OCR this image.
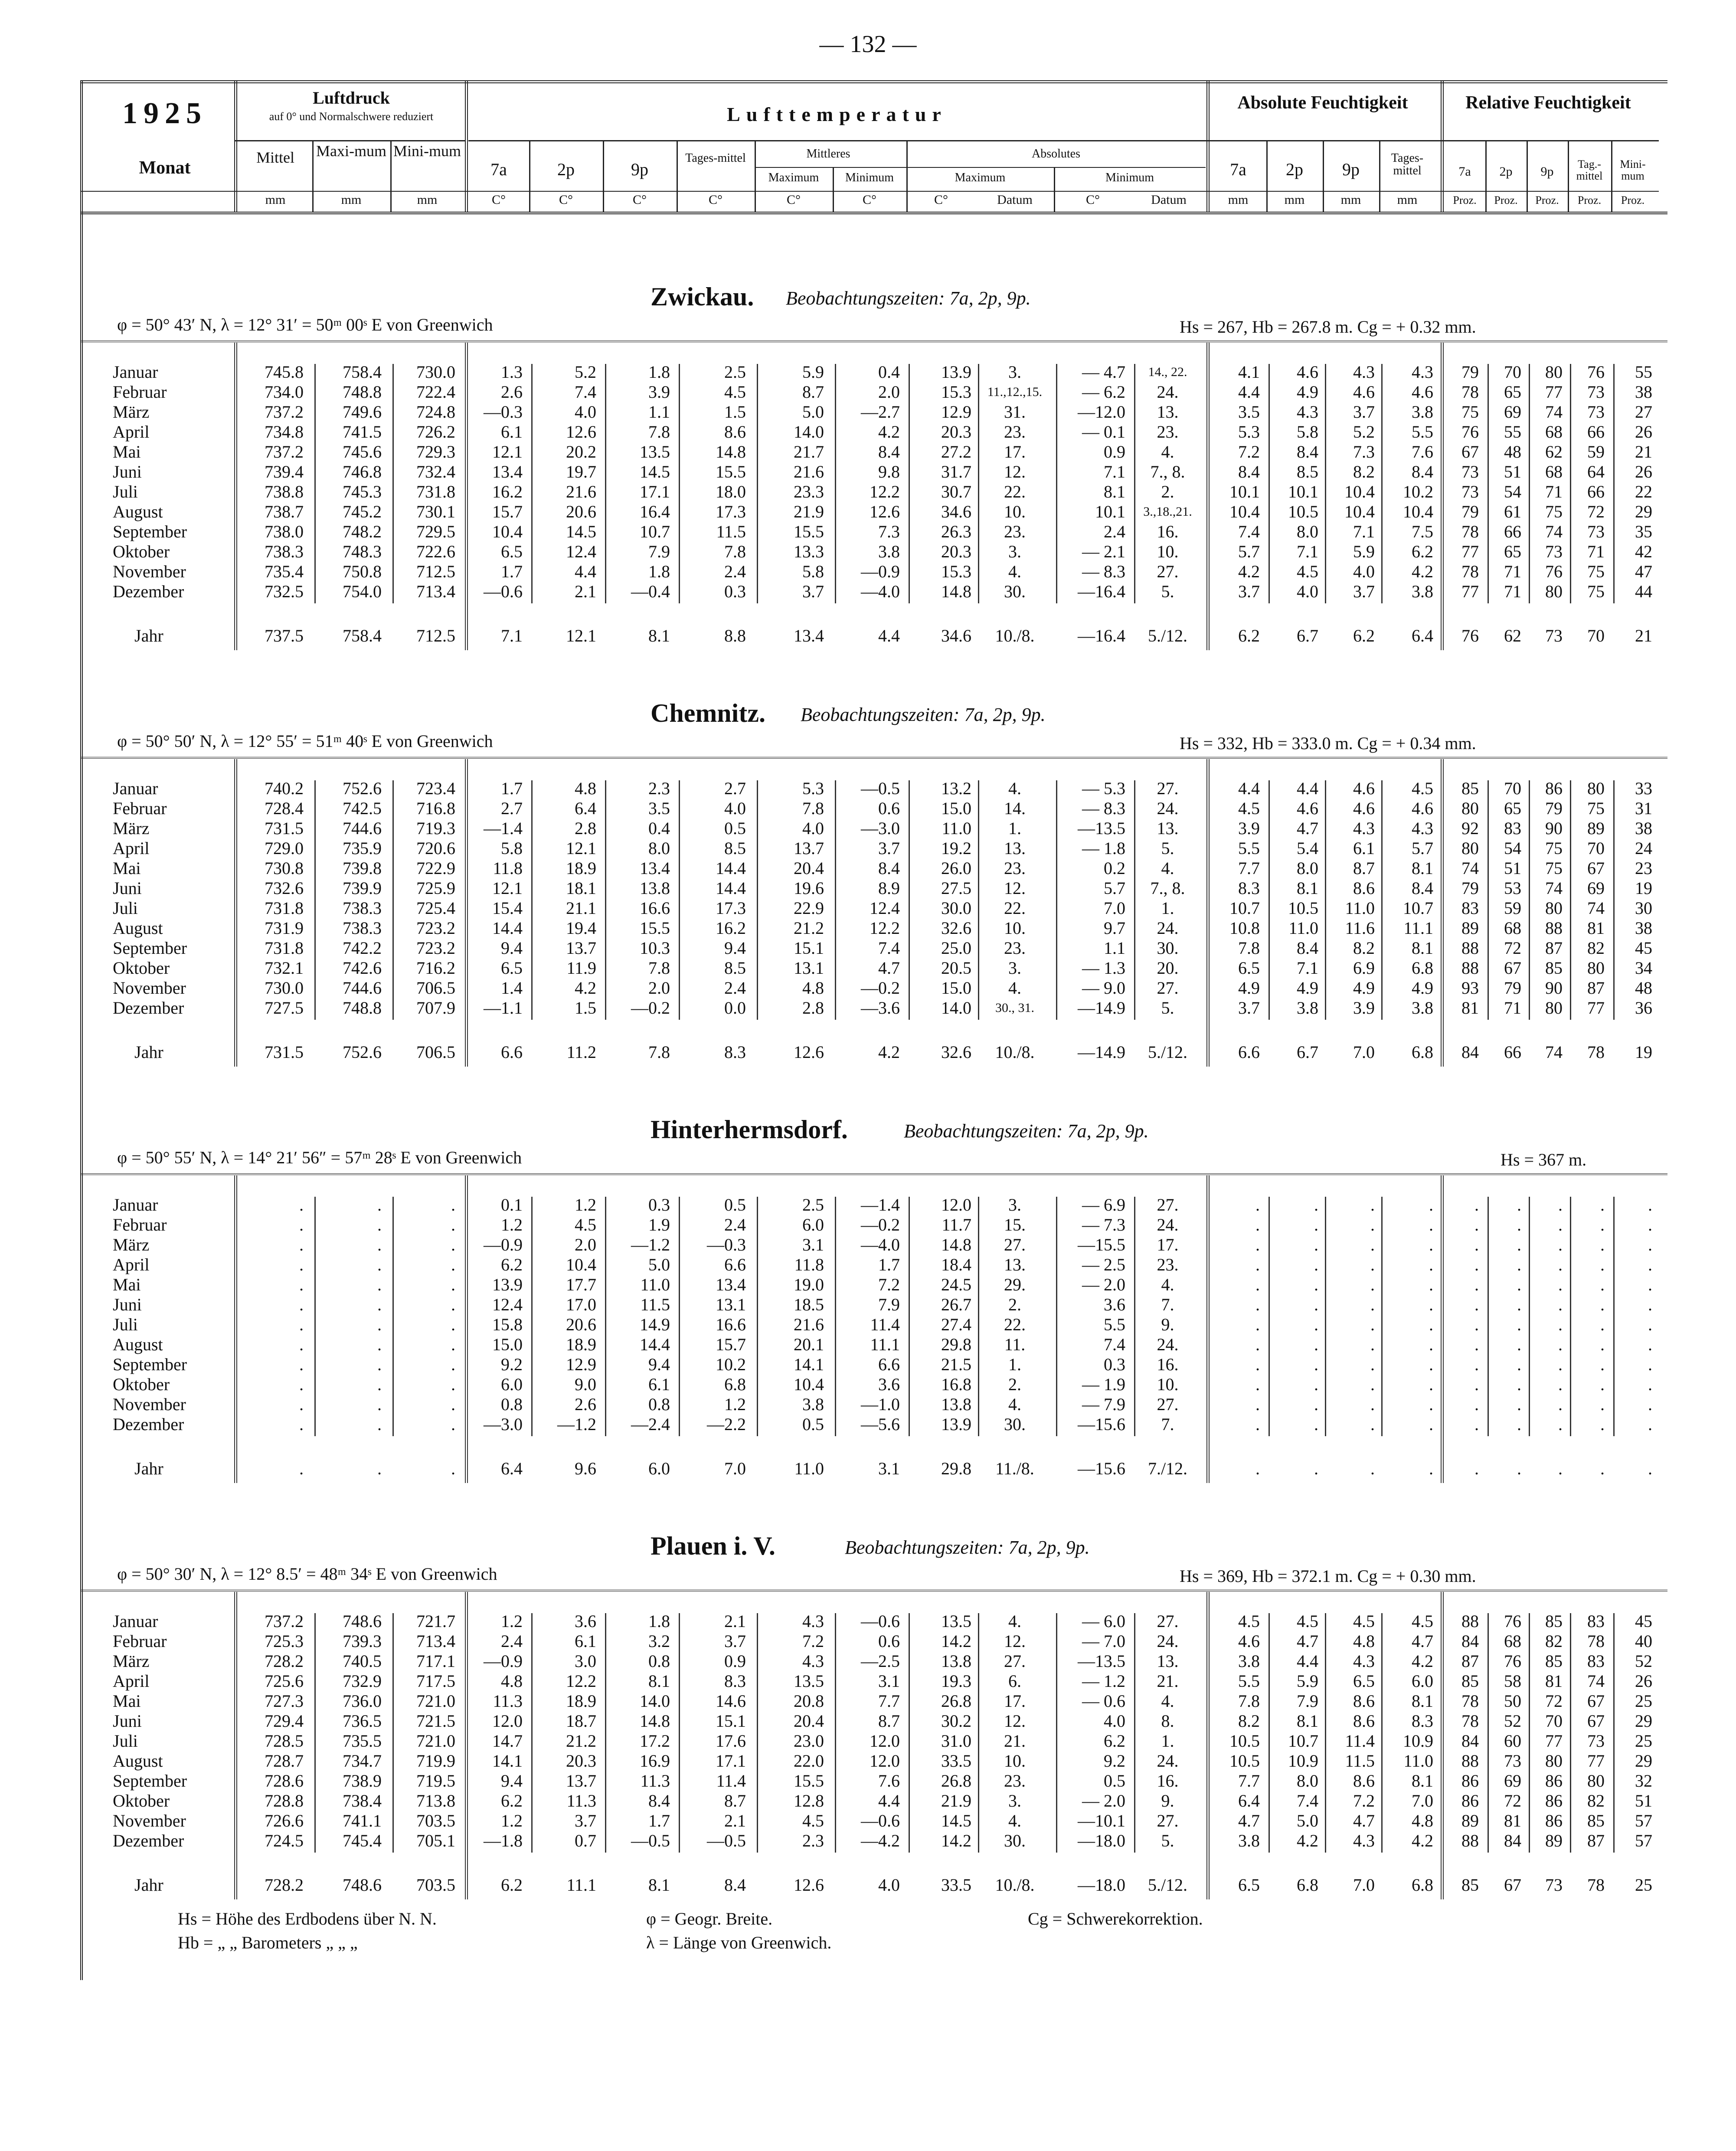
— 132 —
1925
Monat
Luftdruck
auf 0° und Normalschwere reduziert
Mittel	Maxi-mum Mini-mum
mm	mm	mm
Lufttemperatur
7a	2p	9p
Tages-mittel	Mittleres
Maximum	Minimum
Absolutes
Maximum	Minimum
C°	C°	C°	C°	C°	C°	C°	Datum	C°	Datum
Absolute Feuchtigkeit
7a	2p	9p
Tages-mittel
mm	mm	mm	mm
Relative Feuchtigkeit
7a	2p	9p
Tag.-mittel
Mini-mum
Proz.	Proz.	Proz.	Proz.	Proz.
Zwickau. Beobachtungszeiten: 7a, 2p, 9p.
φ = 50° 43′ N, λ = 12° 31′ = 50ᵐ 00ˢ E von Greenwich	Hs = 267, Hb = 267.8 m. Cg = + 0.32 mm.
Januar	745.8	758.4	730.0	1.3	5.2	1.8	2.5	5.9	0.4	13.9	3.	— 4.7	14., 22.	4.1	4.6	4.3	4.3	79	70	80	76	55
Februar	734.0	748.8	722.4	2.6	7.4	3.9	4.5	8.7	2.0	15.3	11.,12.,15.	— 6.2	24.	4.4	4.9	4.6	4.6	78	65	77	73	38
März	737.2	749.6	724.8	—0.3	4.0	1.1	1.5	5.0	—2.7	12.9	31.	—12.0	13.	3.5	4.3	3.7	3.8	75	69	74	73	27
April	734.8	741.5	726.2	6.1	12.6	7.8	8.6	14.0	4.2	20.3	23.	— 0.1	23.	5.3	5.8	5.2	5.5	76	55	68	66	26
Mai	737.2	745.6	729.3	12.1	20.2	13.5	14.8	21.7	8.4	27.2	17.	0.9	4.	7.2	8.4	7.3	7.6	67	48	62	59	21
Juni	739.4	746.8	732.4	13.4	19.7	14.5	15.5	21.6	9.8	31.7	12.	7.1	7., 8.	8.4	8.5	8.2	8.4	73	51	68	64	26
Juli	738.8	745.3	731.8	16.2	21.6	17.1	18.0	23.3	12.2	30.7	22.	8.1	2.	10.1	10.1	10.4	10.2	73	54	71	66	22
August	738.7	745.2	730.1	15.7	20.6	16.4	17.3	21.9	12.6	34.6	10.	10.1	3.,18.,21.	10.4	10.5	10.4	10.4	79	61	75	72	29
September	738.0	748.2	729.5	10.4	14.5	10.7	11.5	15.5	7.3	26.3	23.	2.4	16.	7.4	8.0	7.1	7.5	78	66	74	73	35
Oktober	738.3	748.3	722.6	6.5	12.4	7.9	7.8	13.3	3.8	20.3	3.	— 2.1	10.	5.7	7.1	5.9	6.2	77	65	73	71	42
November	735.4	750.8	712.5	1.7	4.4	1.8	2.4	5.8	—0.9	15.3	4.	— 8.3	27.	4.2	4.5	4.0	4.2	78	71	76	75	47
Dezember	732.5	754.0	713.4	—0.6	2.1	—0.4	0.3	3.7	—4.0	14.8	30.	—16.4	5.	3.7	4.0	3.7	3.8	77	71	80	75	44
Jahr	737.5	758.4	712.5	7.1	12.1	8.1	8.8	13.4	4.4	34.6	10./8.	—16.4	5./12.	6.2	6.7	6.2	6.4	76	62	73	70	21
Chemnitz. Beobachtungszeiten: 7a, 2p, 9p.
φ = 50° 50′ N, λ = 12° 55′ = 51ᵐ 40ˢ E von Greenwich	Hs = 332, Hb = 333.0 m. Cg = + 0.34 mm.
Januar	740.2	752.6	723.4	1.7	4.8	2.3	2.7	5.3	—0.5	13.2	4.	— 5.3	27.	4.4	4.4	4.6	4.5	85	70	86	80	33
Februar	728.4	742.5	716.8	2.7	6.4	3.5	4.0	7.8	0.6	15.0	14.	— 8.3	24.	4.5	4.6	4.6	4.6	80	65	79	75	31
März	731.5	744.6	719.3	—1.4	2.8	0.4	0.5	4.0	—3.0	11.0	1.	—13.5	13.	3.9	4.7	4.3	4.3	92	83	90	89	38
April	729.0	735.9	720.6	5.8	12.1	8.0	8.5	13.7	3.7	19.2	13.	— 1.8	5.	5.5	5.4	6.1	5.7	80	54	75	70	24
Mai	730.8	739.8	722.9	11.8	18.9	13.4	14.4	20.4	8.4	26.0	23.	0.2	4.	7.7	8.0	8.7	8.1	74	51	75	67	23
Juni	732.6	739.9	725.9	12.1	18.1	13.8	14.4	19.6	8.9	27.5	12.	5.7	7., 8.	8.3	8.1	8.6	8.4	79	53	74	69	19
Juli	731.8	738.3	725.4	15.4	21.1	16.6	17.3	22.9	12.4	30.0	22.	7.0	1.	10.7	10.5	11.0	10.7	83	59	80	74	30
August	731.9	738.3	723.2	14.4	19.4	15.5	16.2	21.2	12.2	32.6	10.	9.7	24.	10.8	11.0	11.6	11.1	89	68	88	81	38
September	731.8	742.2	723.2	9.4	13.7	10.3	9.4	15.1	7.4	25.0	23.	1.1	30.	7.8	8.4	8.2	8.1	88	72	87	82	45
Oktober	732.1	742.6	716.2	6.5	11.9	7.8	8.5	13.1	4.7	20.5	3.	— 1.3	20.	6.5	7.1	6.9	6.8	88	67	85	80	34
November	730.0	744.6	706.5	1.4	4.2	2.0	2.4	4.8	—0.2	15.0	4.	— 9.0	27.	4.9	4.9	4.9	4.9	93	79	90	87	48
Dezember	727.5	748.8	707.9	—1.1	1.5	—0.2	0.0	2.8	—3.6	14.0	30., 31.	—14.9	5.	3.7	3.8	3.9	3.8	81	71	80	77	36
Jahr	731.5	752.6	706.5	6.6	11.2	7.8	8.3	12.6	4.2	32.6	10./8.	—14.9	5./12.	6.6	6.7	7.0	6.8	84	66	74	78	19
Hinterhermsdorf.	Beobachtungszeiten: 7a, 2p, 9p.
φ = 50° 55′ N, λ = 14° 21′ 56″ = 57ᵐ 28ˢ E von Greenwich	Hs = 367 m.
Januar	.	.	.	0.1	1.2	0.3	0.5	2.5	—1.4	12.0	3.	— 6.9	27.	.	.	.	.	.	.	.	.	.
Februar	.	.	.	1.2	4.5	1.9	2.4	6.0	—0.2	11.7	15.	— 7.3	24.	.	.	.	.	.	.	.	.	.
März	.	.	.	—0.9	2.0	—1.2	—0.3	3.1	—4.0	14.8	27.	—15.5	17.	.	.	.	.	.	.	.	.	.
April	.	.	.	6.2	10.4	5.0	6.6	11.8	1.7	18.4	13.	— 2.5	23.	.	.	.	.	.	.	.	.	.
Mai	.	.	.	13.9	17.7	11.0	13.4	19.0	7.2	24.5	29.	— 2.0	4.	.	.	.	.	.	.	.	.	.
Juni	.	.	.	12.4	17.0	11.5	13.1	18.5	7.9	26.7	2.	3.6	7.	.	.	.	.	.	.	.	.	.
Juli	.	.	.	15.8	20.6	14.9	16.6	21.6	11.4	27.4	22.	5.5	9.	.	.	.	.	.	.	.	.	.
August	.	.	.	15.0	18.9	14.4	15.7	20.1	11.1	29.8	11.	7.4	24.	.	.	.	.	.	.	.	.	.
September	.	.	.	9.2	12.9	9.4	10.2	14.1	6.6	21.5	1.	0.3	16.	.	.	.	.	.	.	.	.	.
Oktober	.	.	.	6.0	9.0	6.1	6.8	10.4	3.6	16.8	2.	— 1.9	10.	.	.	.	.	.	.	.	.	.
November	.	.	.	0.8	2.6	0.8	1.2	3.8	—1.0	13.8	4.	— 7.9	27.	.	.	.	.	.	.	.	.	.
Dezember	.	.	.	—3.0	—1.2	—2.4	—2.2	0.5	—5.6	13.9	30.	—15.6	7.	.	.	.	.	.	.	.	.	.
Jahr	.	.	.	6.4	9.6	6.0	7.0	11.0	3.1	29.8	11./8.	—15.6	7./12.	.	.	.	.	.	.	.	.	.
Plauen i. V.	Beobachtungszeiten: 7a, 2p, 9p.
φ = 50° 30′ N, λ = 12° 8.5′ = 48ᵐ 34ˢ E von Greenwich	Hs = 369, Hb = 372.1 m. Cg = + 0.30 mm.
Januar	737.2	748.6	721.7	1.2	3.6	1.8	2.1	4.3	—0.6	13.5	4.	— 6.0	27.	4.5	4.5	4.5	4.5	88	76	85	83	45
Februar	725.3	739.3	713.4	2.4	6.1	3.2	3.7	7.2	0.6	14.2	12.	— 7.0	24.	4.6	4.7	4.8	4.7	84	68	82	78	40
März	728.2	740.5	717.1	—0.9	3.0	0.8	0.9	4.3	—2.5	13.8	27.	—13.5	13.	3.8	4.4	4.3	4.2	87	76	85	83	52
April	725.6	732.9	717.5	4.8	12.2	8.1	8.3	13.5	3.1	19.3	6.	— 1.2	21.	5.5	5.9	6.5	6.0	85	58	81	74	26
Mai	727.3	736.0	721.0	11.3	18.9	14.0	14.6	20.8	7.7	26.8	17.	— 0.6	4.	7.8	7.9	8.6	8.1	78	50	72	67	25
Juni	729.4	736.5	721.5	12.0	18.7	14.8	15.1	20.4	8.7	30.2	12.	4.0	8.	8.2	8.1	8.6	8.3	78	52	70	67	29
Juli	728.5	735.5	721.0	14.7	21.2	17.2	17.6	23.0	12.0	31.0	21.	6.2	1.	10.5	10.7	11.4	10.9	84	60	77	73	25
August	728.7	734.7	719.9	14.1	20.3	16.9	17.1	22.0	12.0	33.5	10.	9.2	24.	10.5	10.9	11.5	11.0	88	73	80	77	29
September	728.6	738.9	719.5	9.4	13.7	11.3	11.4	15.5	7.6	26.8	23.	0.5	16.	7.7	8.0	8.6	8.1	86	69	86	80	32
Oktober	728.8	738.4	713.8	6.2	11.3	8.4	8.7	12.8	4.4	21.9	3.	— 2.0	9.	6.4	7.4	7.2	7.0	86	72	86	82	51
November	726.6	741.1	703.5	1.2	3.7	1.7	2.1	4.5	—0.6	14.5	4.	—10.1	27.	4.7	5.0	4.7	4.8	89	81	86	85	57
Dezember	724.5	745.4	705.1	—1.8	0.7	—0.5	—0.5	2.3	—4.2	14.2	30.	—18.0	5.	3.8	4.2	4.3	4.2	88	84	89	87	57
Jahr	728.2	748.6	703.5	6.2	11.1	8.1	8.4	12.6	4.0	33.5	10./8.	—18.0	5./12.	6.5	6.8	7.0	6.8	85	67	73	78	25
Hs = Höhe des Erdbodens über N. N.
Hb = „ „ Barometers „ „ „
φ = Geogr. Breite.
λ = Länge von Greenwich.
Cg = Schwerekorrektion.
